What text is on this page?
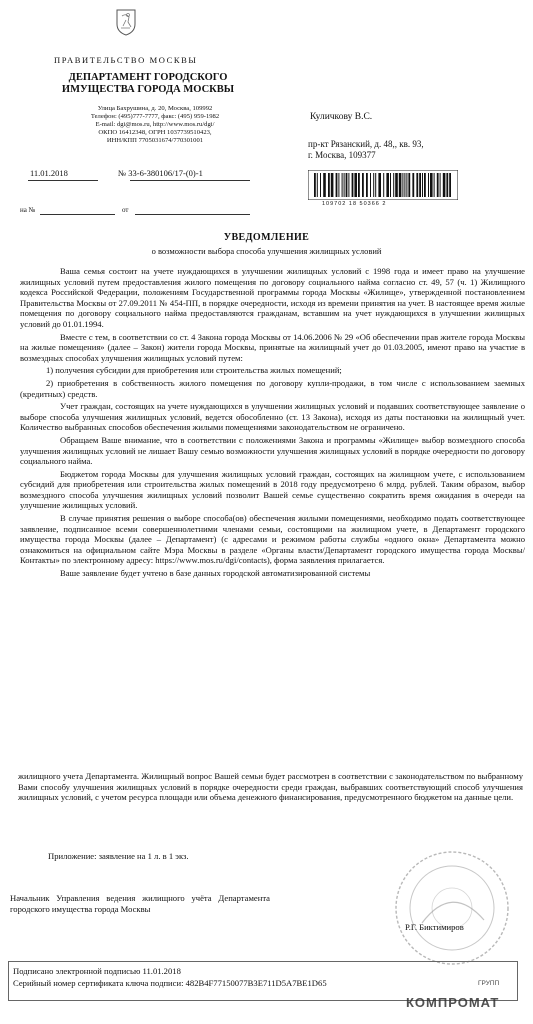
ПРАВИТЕЛЬСТВО МОСКВЫ
ДЕПАРТАМЕНТ ГОРОДСКОГО
ИМУЩЕСТВА ГОРОДА МОСКВЫ
Улица Бахрушина, д. 20, Москва, 109992
Телефон: (495)777-7777, факс: (495) 959-1982
E-mail: dgi@mos.ru, http://www.mos.ru/dgi/
ОКПО 16412348, ОГРН 1037739510423,
ИНН/КПП 7705031674/770301001
Куличкову В.С.
пр-кт Рязанский, д. 48,, кв. 93,
г. Москва, 109377
109702 18 50366 2
11.01.2018	№ 33-6-380106/17-(0)-1
на №	от
УВЕДОМЛЕНИЕ
о возможности выбора способа улучшения жилищных условий

Ваша семья состоит на учете нуждающихся в улучшении жилищных условий с 1998 года и имеет право на улучшение жилищных условий путем предоставления жилого помещения по договору социального найма согласно ст. 49, 57 (ч. 1) Жилищного кодекса Российской Федерации, положениям Государственной программы города Москвы «Жилище», утвержденной постановлением Правительства Москвы от 27.09.2011 № 454-ПП, в порядке очередности, исходя из времени принятия на учет. В настоящее время жилые помещения по договору социального найма предоставляются гражданам, вставшим на учет нуждающихся в улучшении жилищных условий до 01.01.1994.

Вместе с тем, в соответствии со ст. 4 Закона города Москвы от 14.06.2006 № 29 «Об обеспечении прав жителе города Москвы на жилые помещения» (далее – Закон) жители города Москвы, принятые на жилищный учет до 01.03.2005, имеют право на участие в возмездных способах улучшения жилищных условий путем:

1) получения субсидии для приобретения или строительства жилых помещений;

2) приобретения в собственность жилого помещения по договору купли-продажи, в том числе с использованием заемных (кредитных) средств.

Учет граждан, состоящих на учете нуждающихся в улучшении жилищных условий и подавших соответствующее заявление о выборе способа улучшения жилищных условий, ведется обособленно (ст. 13 Закона), исходя из даты постановки на жилищный учет. Количество выбранных способов обеспечения жилыми помещениями законодательством не ограничено.

Обращаем Ваше внимание, что в соответствии с положениями Закона и программы «Жилище» выбор возмездного способа улучшения жилищных условий не лишает Вашу семью возможности улучшения жилищных условий в порядке очередности по договору социального найма.

Бюджетом города Москвы для улучшения жилищных условий граждан, состоящих на жилищном учете, с использованием субсидий для приобретения или строительства жилых помещений в 2018 году предусмотрено 6 млрд. рублей. Таким образом, выбор возмездного способа улучшения жилищных условий позволит Вашей семье существенно сократить время ожидания в очереди на улучшение жилищных условий.

В случае принятия решения о выборе способа(ов) обеспечения жилыми помещениями, необходимо подать соответствующее заявление, подписанное всеми совершеннолетними членами семьи, состоящими на жилищном учете, в Департамент городского имущества города Москвы (далее – Департамент) (с адресами и режимом работы службы «одного окна» Департамента можно ознакомиться на официальном сайте Мэра Москвы в разделе «Органы власти/Департамент городского имущества города Москвы/Контакты» по электронному адресу: https://www.mos.ru/dgi/contacts), форма заявления прилагается.

Ваше заявление будет учтено в базе данных городской автоматизированной системы

жилищного учета Департамента. Жилищный вопрос Вашей семьи будет рассмотрен в соответствии с законодательством по выбранному Вами способу улучшения жилищных условий в порядке очередности среди граждан, выбравших соответствующий способ улучшения жилищных условий, с учетом ресурса площади или объема денежного финансирования, предусмотренного бюджетом на данные цели.

Приложение: заявление на 1 л. в 1 экз.
Начальник Управления ведения жилищного учёта Департамента городского имущества города Москвы
Р.Г. Биктимиров
Подписано электронной подписью 11.01.2018
Серийный номер сертификата ключа подписи: 482B4F77150077B3E711D5A7BE1D65	ГРУПП
КОМПРОМАТ
